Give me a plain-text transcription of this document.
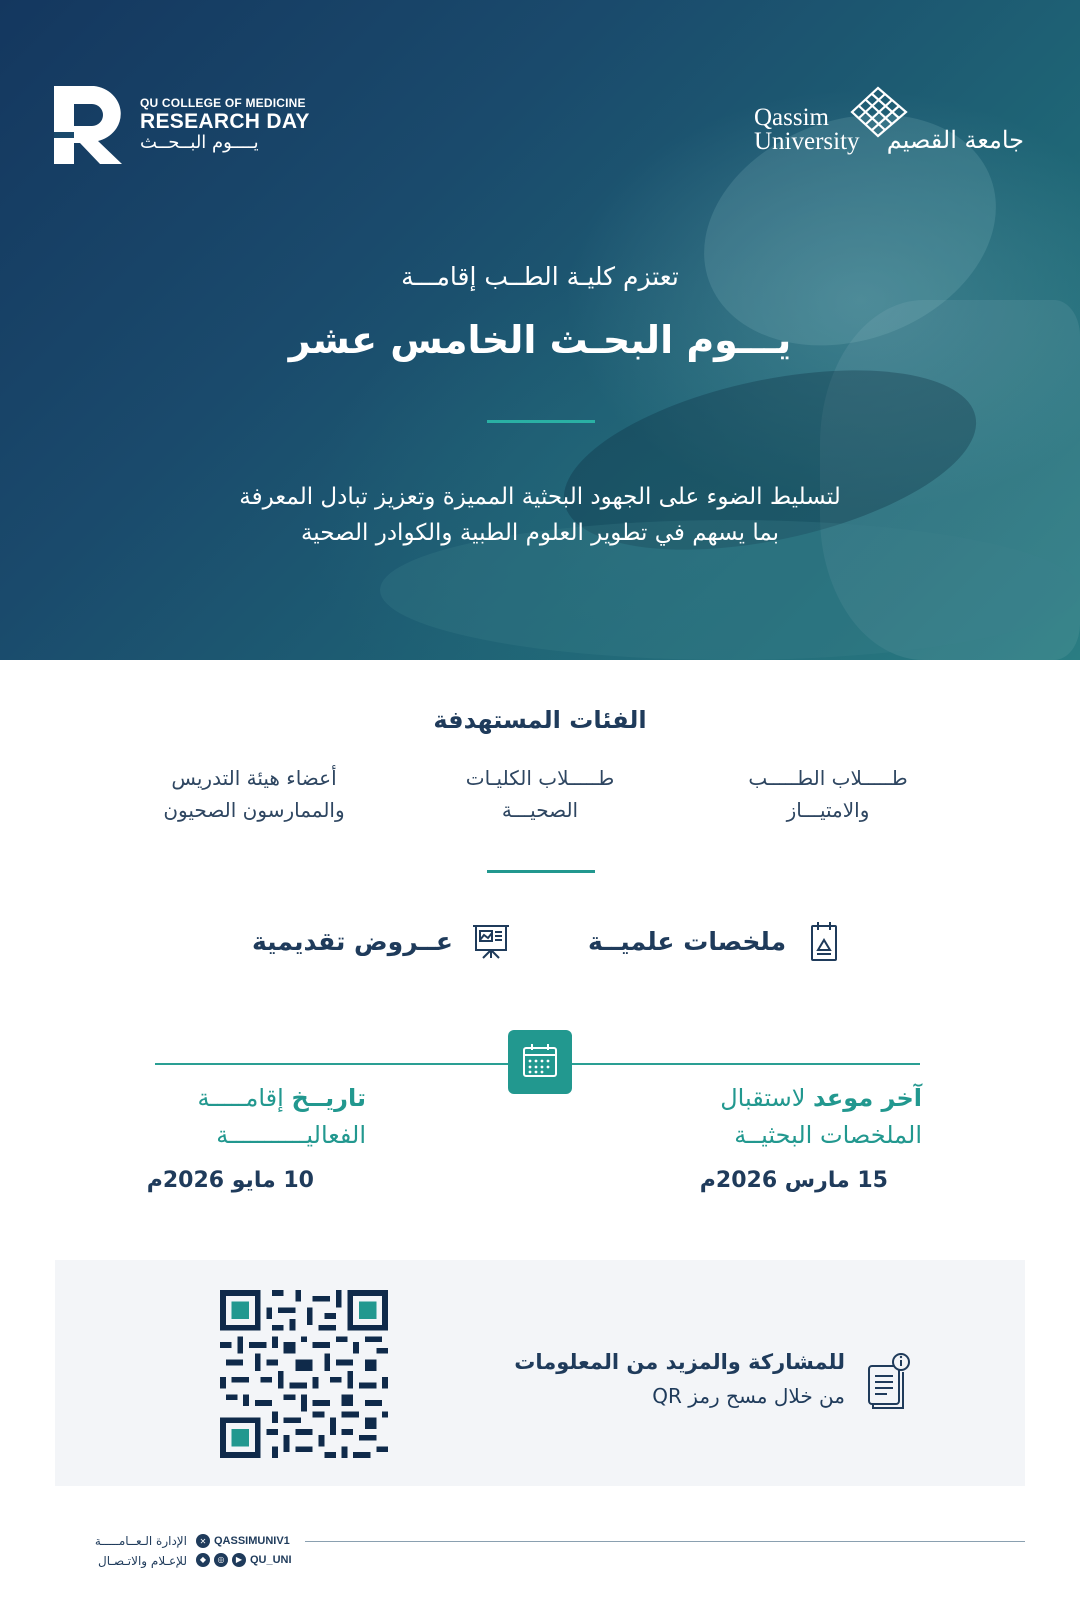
QU COLLEGE OF MEDICINE
RESEARCH DAY
يــــوم البــحــث
Qassim
University جامعة القصيم
تعتزم كليـة الطــب إقامـــة
يـــوم البحـث الخامس عشر
لتسليط الضوء على الجهود البحثية المميزة وتعزيز تبادل المعرفة
بما يسهم في تطوير العلوم الطبية والكوادر الصحية
الفئات المستهدفة
طـــــلاب الطـــــب
والامتيـــاز
طـــــلاب الكليـات
الصحيـــة
أعضاء هيئة التدريس
والممارسون الصحيون
ملخصات علميــة
عــروض تقديمية
آخر موعد لاستقبال
الملخصات البحثيــة
15 مارس 2026م
تاريــخ إقامـــــة
الفعاليـــــــــــة
10 مايو 2026م
للمشاركة والمزيد من المعلومات
من خلال مسح رمز QR
الإدارة الـعــامـــــة
للإعـلام والاتـصـال
✕ QASSIMUNIV1
◆	◎	▶ QU_UNI
